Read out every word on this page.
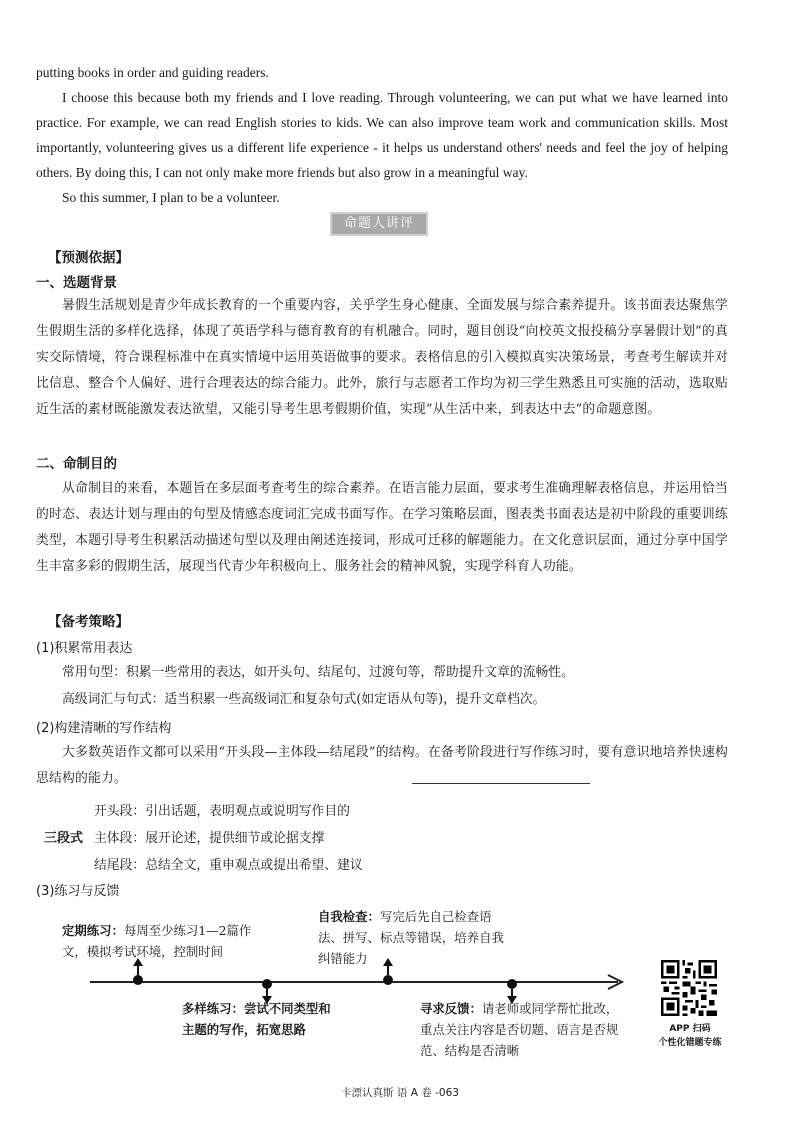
putting books in order and guiding readers.

I choose this because both my friends and I love reading. Through volunteering, we can put what we have learned into practice. For example, we can read English stories to kids. We can also improve team work and communication skills. Most importantly, volunteering gives us a different life experience - it helps us understand others' needs and feel the joy of helping others. By doing this, I can not only make more friends but also grow in a meaningful way.

So this summer, I plan to be a volunteer.

命题人讲评
【预测依据】
一、选题背景
暑假生活规划是青少年成长教育的一个重要内容，关乎学生身心健康、全面发展与综合素养提升。该书面表达聚焦学生假期生活的多样化选择，体现了英语学科与德育教育的有机融合。同时，题目创设“向校英文报投稿分享暑假计划”的真实交际情境，符合课程标准中在真实情境中运用英语做事的要求。表格信息的引入模拟真实决策场景，考查考生解读并对比信息、整合个人偏好、进行合理表达的综合能力。此外，旅行与志愿者工作均为初三学生熟悉且可实施的活动，选取贴近生活的素材既能激发表达欲望，又能引导考生思考假期价值，实现“从生活中来，到表达中去”的命题意图。
二、命制目的
从命制目的来看，本题旨在多层面考查考生的综合素养。在语言能力层面，要求考生准确理解表格信息，并运用恰当的时态、表达计划与理由的句型及情感态度词汇完成书面写作。在学习策略层面，图表类书面表达是初中阶段的重要训练类型，本题引导考生积累活动描述句型以及理由阐述连接词，形成可迁移的解题能力。在文化意识层面，通过分享中国学生丰富多彩的假期生活，展现当代青少年积极向上、服务社会的精神风貌，实现学科育人功能。
【备考策略】
(1)积累常用表达
常用句型：积累一些常用的表达，如开头句、结尾句、过渡句等，帮助提升文章的流畅性。
高级词汇与句式：适当积累一些高级词汇和复杂句式(如定语从句等)，提升文章档次。
(2)构建清晰的写作结构
大多数英语作文都可以采用“开头段—主体段—结尾段”的结构。在备考阶段进行写作练习时，要有意识地培养快速构思结构的能力。
开头段：引出话题，表明观点或说明写作目的
三段式 主体段：展开论述，提供细节或论据支撑
结尾段：总结全文，重申观点或提出希望、建议
(3)练习与反馈
定期练习：每周至少练习1—2篇作文，模拟考试环境，控制时间
自我检查：写完后先自己检查语法、拼写、标点等错误，培养自我纠错能力
多样练习：尝试不同类型和主题的写作，拓宽思路
寻求反馈：请老师或同学帮忙批改，重点关注内容是否切题、语言是否规范、结构是否清晰
APP 扫码
个性化错题专练
卡漂认真斯 语 A 卷 -063
